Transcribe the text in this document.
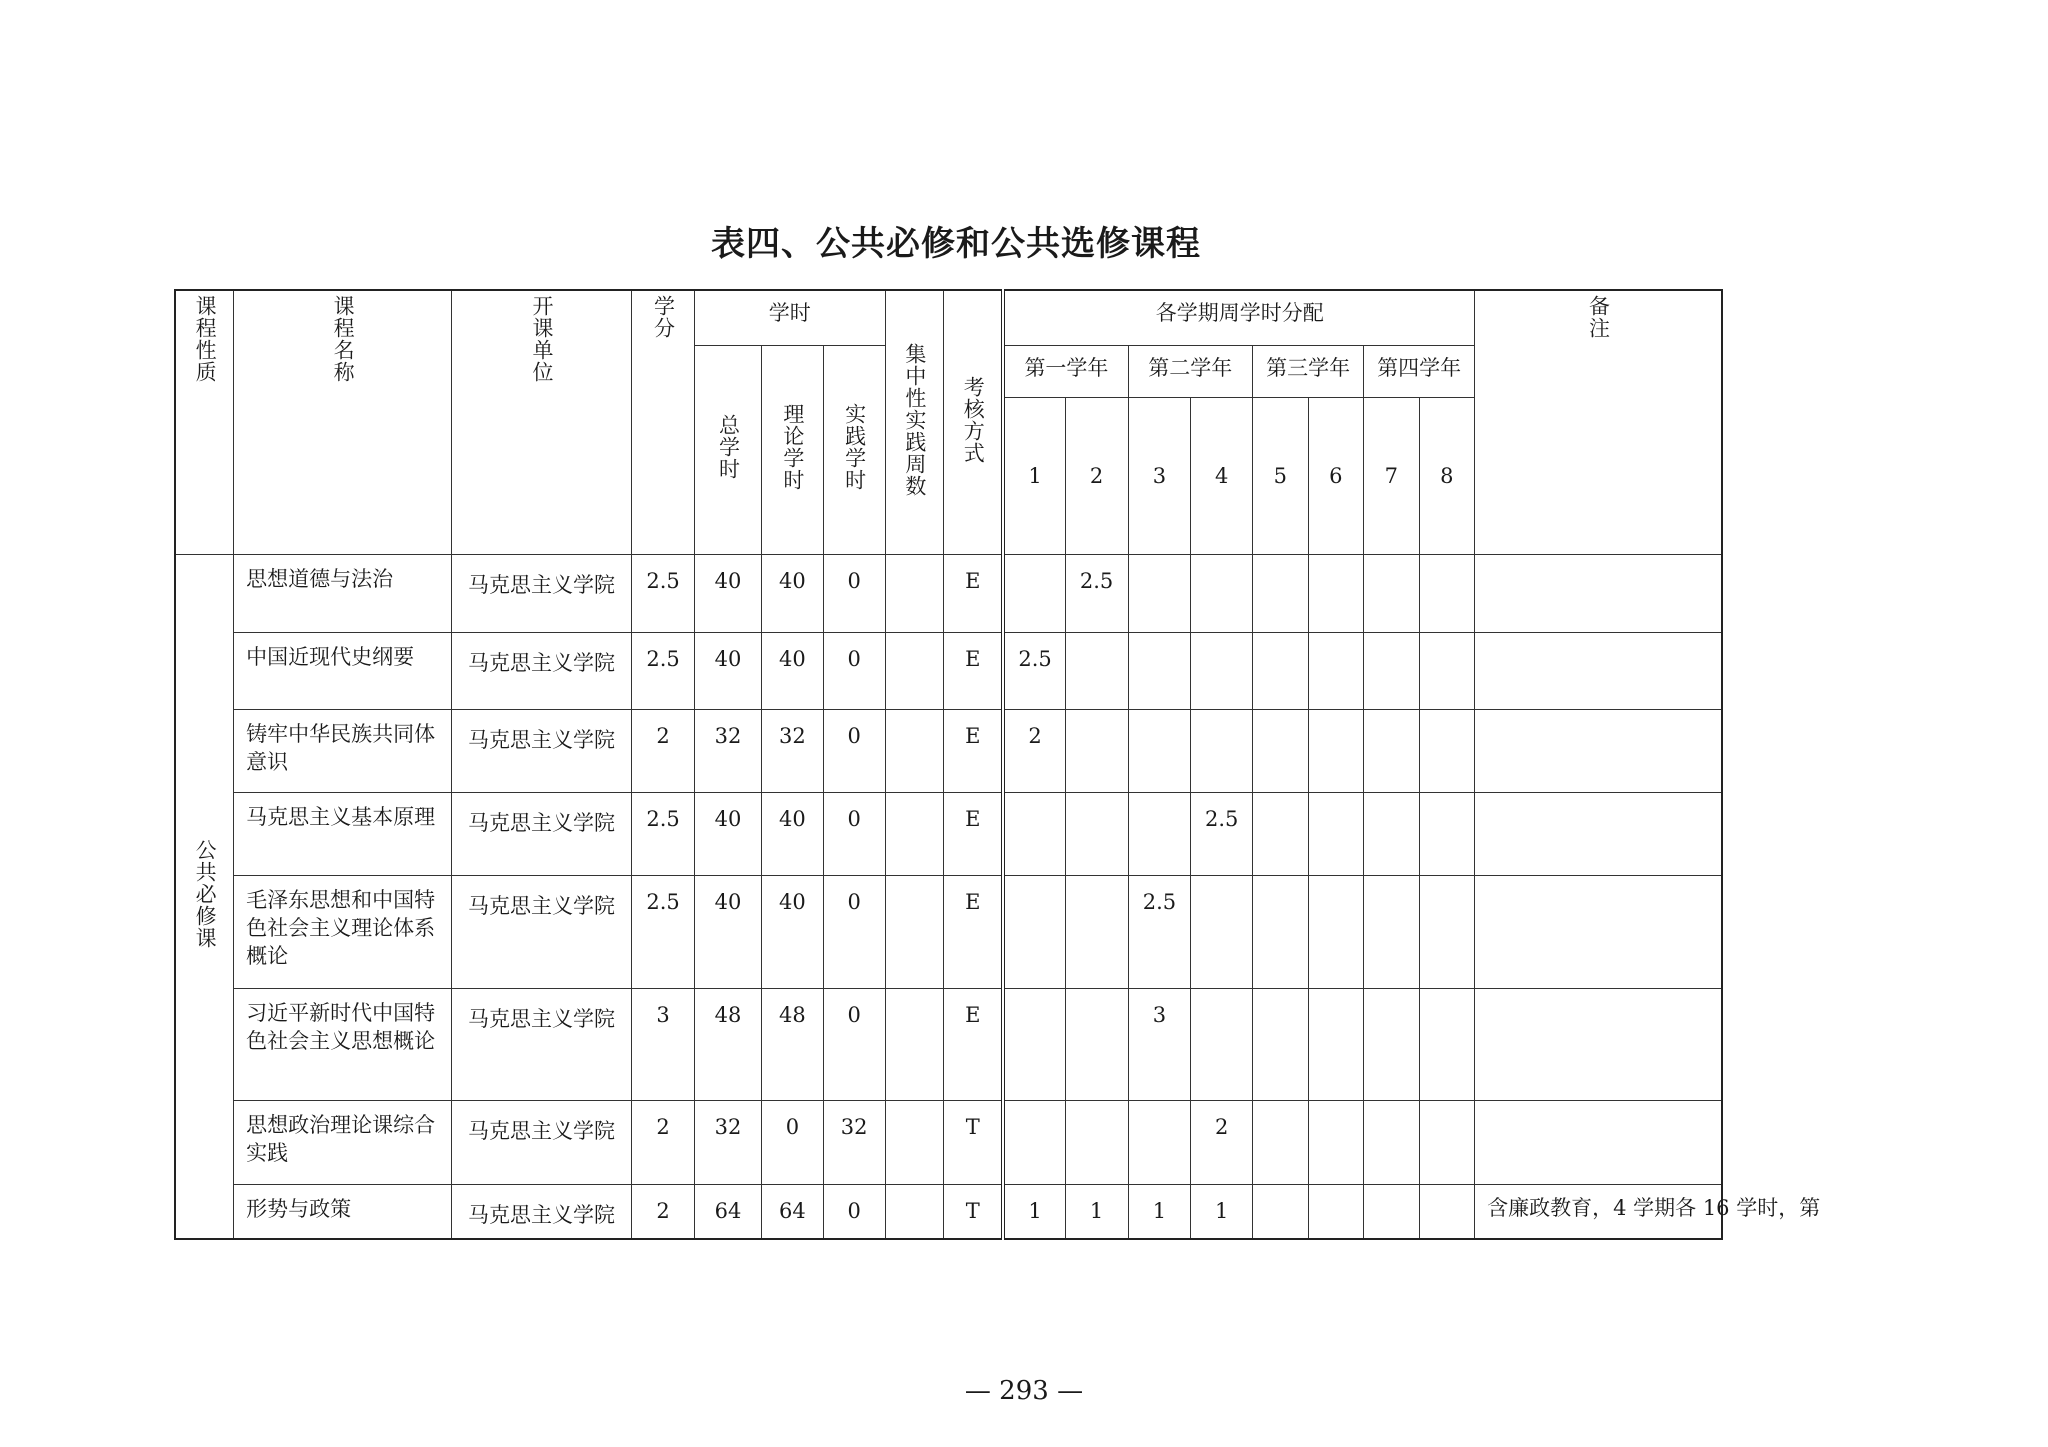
表四、公共必修和公共选修课程
课程性质	课程名称	开课单位	学分	学时			集中性实践周数	考核方式	各学期周学时分配								备注
				总学时	理论学时	实践学时			第一学年		第二学年		第三学年		第四学年		
									1	2	3	4	5	6	7	8	
公共必修课	思想道德与法治	马克思主义学院	2.5	40	40	0		E		2.5							
	中国近现代史纲要	马克思主义学院	2.5	40	40	0		E	2.5								
	铸牢中华民族共同体意识	马克思主义学院	2	32	32	0		E	2								
	马克思主义基本原理	马克思主义学院	2.5	40	40	0		E				2.5					
	毛泽东思想和中国特色社会主义理论体系概论	马克思主义学院	2.5	40	40	0		E			2.5						
	习近平新时代中国特色社会主义思想概论	马克思主义学院	3	48	48	0		E			3						
	思想政治理论课综合实践	马克思主义学院	2	32	0	32		T				2					
	形势与政策	马克思主义学院	2	64	64	0		T	1	1	1	1					含廉政教育，4 学期各 16 学时，第
— 293 —
